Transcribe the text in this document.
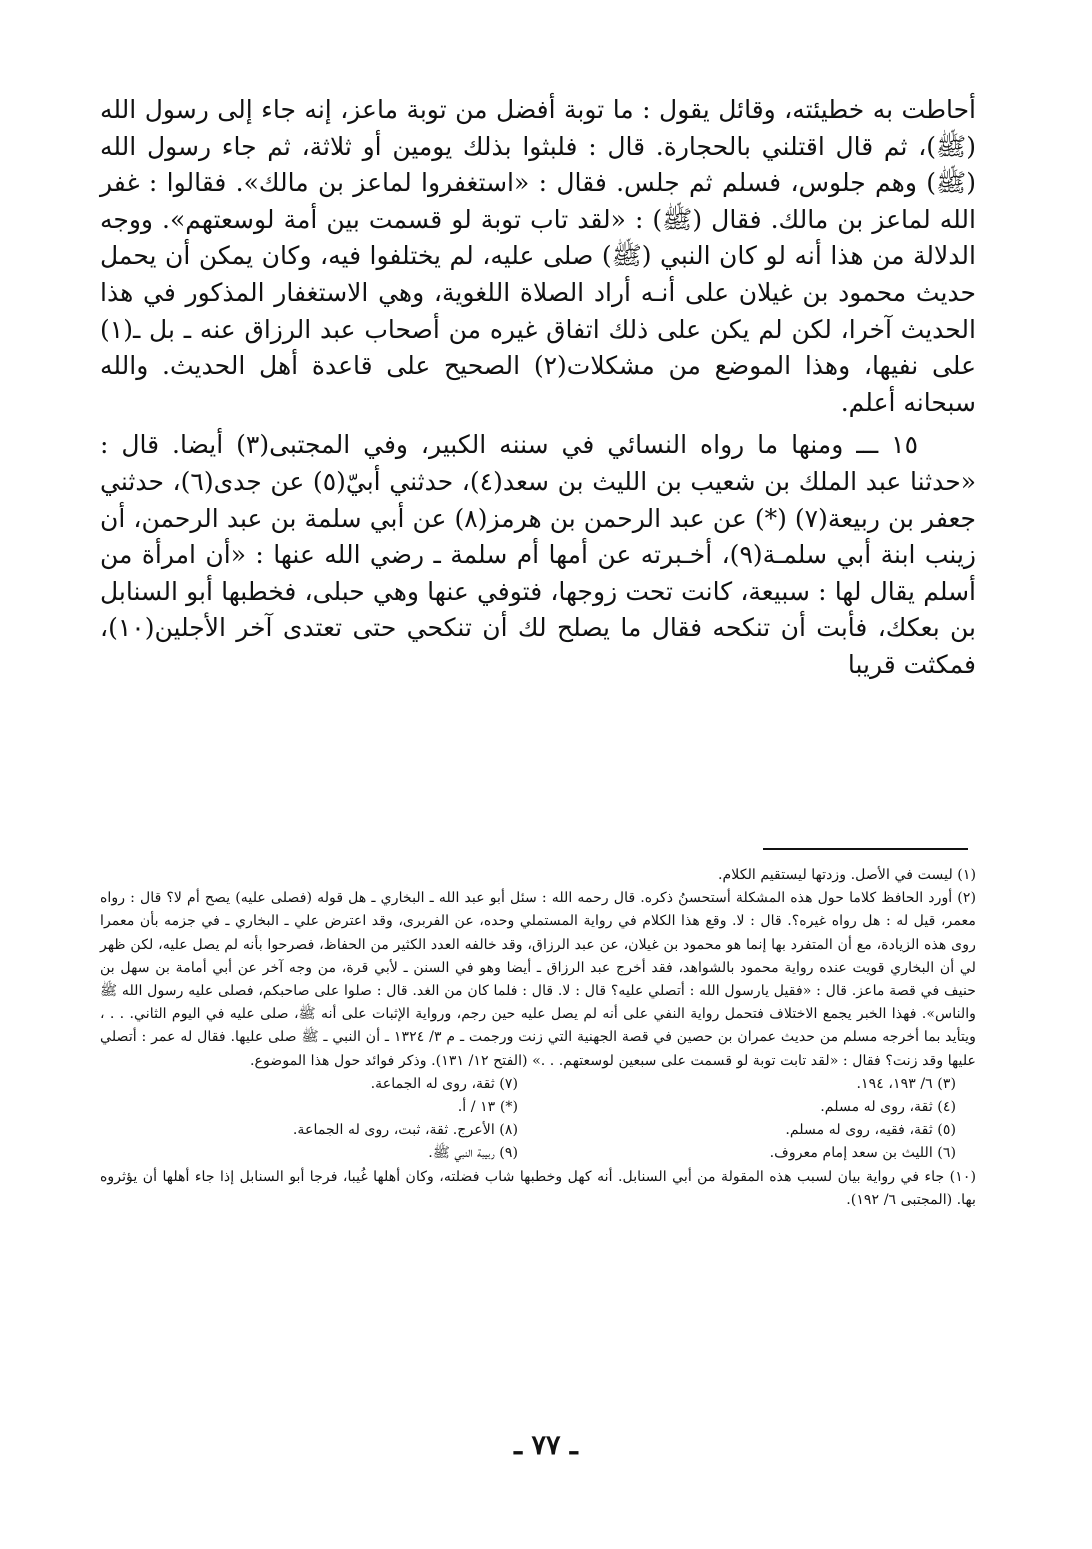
أحاطت به خطيئته، وقائل يقول : ما توبة أفضل من توبة ماعز، إنه جاء إلى رسول الله (ﷺ)، ثم قال اقتلني بالحجارة. قال : فلبثوا بذلك يومين أو ثلاثة، ثم جاء رسول الله (ﷺ) وهم جلوس، فسلم ثم جلس. فقال : «استغفروا لماعز بن مالك». فقالوا : غفر الله لماعز بن مالك. فقال (ﷺ) : «لقد تاب توبة لو قسمت بين أمة لوسعتهم». ووجه الدلالة من هذا أنه لو كان النبي (ﷺ) صلى عليه، لم يختلفوا فيه، وكان يمكن أن يحمل حديث محمود بن غيلان على أنـه أراد الصلاة اللغوية، وهي الاستغفار المذكور في هذا الحديث آخرا، لكن لم يكن على ذلك اتفاق غيره من أصحاب عبد الرزاق عنه ـ بل ـ(١) على نفيها، وهذا الموضع من مشكلات(٢) الصحيح على قاعدة أهل الحديث. والله سبحانه أعلم.

١٥ ـــ ومنها ما رواه النسائي في سننه الكبير، وفي المجتبى(٣) أيضا. قال : «حدثنا عبد الملك بن شعيب بن الليث بن سعد(٤)، حدثني أبيّ(٥) عن جدى(٦)، حدثني جعفر بن ربيعة(٧) (*) عن عبد الرحمن بن هرمز(٨) عن أبي سلمة بن عبد الرحمن، أن زينب ابنة أبي سلمـة(٩)، أخـبرته عن أمها أم سلمة ـ رضي الله عنها : «أن امرأة من أسلم يقال لها : سبيعة، كانت تحت زوجها، فتوفي عنها وهي حبلى، فخطبها أبو السنابل بن بعكك، فأبت أن تنكحه فقال ما يصلح لك أن تنكحي حتى تعتدى آخر الأجلين(١٠)، فمكثت قريبا

(١) ليست في الأصل. وزدتها ليستقيم الكلام.

(٢) أورد الحافظ كلاما حول هذه المشكلة أستحسنُ ذكره. قال رحمه الله : سئل أبو عبد الله ـ البخاري ـ هل قوله (فصلى عليه) يصح أم لا؟ قال : رواه معمر، قيل له : هل رواه غيره؟. قال : لا. وقع هذا الكلام في رواية المستملي وحده، عن الفربرى، وقد اعترض علي ـ البخاري ـ في جزمه بأن معمرا روى هذه الزيادة، مع أن المتفرد بها إنما هو محمود بن غيلان، عن عبد الرزاق، وقد خالفه العدد الكثير من الحفاظ، فصرحوا بأنه لم يصل عليه، لكن ظهر لي أن البخاري قويت عنده رواية محمود بالشواهد، فقد أخرج عبد الرزاق ـ أيضا وهو في السنن ـ لأبي قرة، من وجه آخر عن أبي أمامة بن سهل بن حنيف في قصة ماعز. قال : «فقيل يارسول الله : أتصلي عليه؟ قال : لا. قال : فلما كان من الغد. قال : صلوا على صاحبكم، فصلى عليه رسول الله ﷺ والناس». فهذا الخبر يجمع الاختلاف فتحمل رواية النفي على أنه لم يصل عليه حين رجم، ورواية الإثبات على أنه ﷺ، صلى عليه في اليوم الثاني. . . ، ويتأيد بما أخرجه مسلم من حديث عمران بن حصين في قصة الجهنية التي زنت ورجمت ـ م ٣/ ١٣٢٤ ـ أن النبي ـ ﷺ صلى عليها. فقال له عمر : أتصلي عليها وقد زنت؟ فقال : «لقد تابت توبة لو قسمت على سبعين لوسعتهم. . .» (الفتح ١٢/ ١٣١). وذكر فوائد حول هذا الموضوع.

(٣) ٦/ ١٩٣، ١٩٤.
(٧) ثقة، روى له الجماعة.
(٤) ثقة، روى له مسلم.
(*) ١٣ / أ.
(٥) ثقة، فقيه، روى له مسلم.
(٨) الأعرج. ثقة، ثبت، روى له الجماعة.
(٦) الليث بن سعد إمام معروف.
(٩) ربيبة النبي ﷺ.

(١٠) جاء في رواية بيان لسبب هذه المقولة من أبي السنابل. أنه كهل وخطبها شاب فضلته، وكان أهلها غُيبا، فرجا أبو السنابل إذا جاء أهلها أن يؤثروه بها. (المجتبى ٦/ ١٩٢).

ـ ٧٧ ـ
